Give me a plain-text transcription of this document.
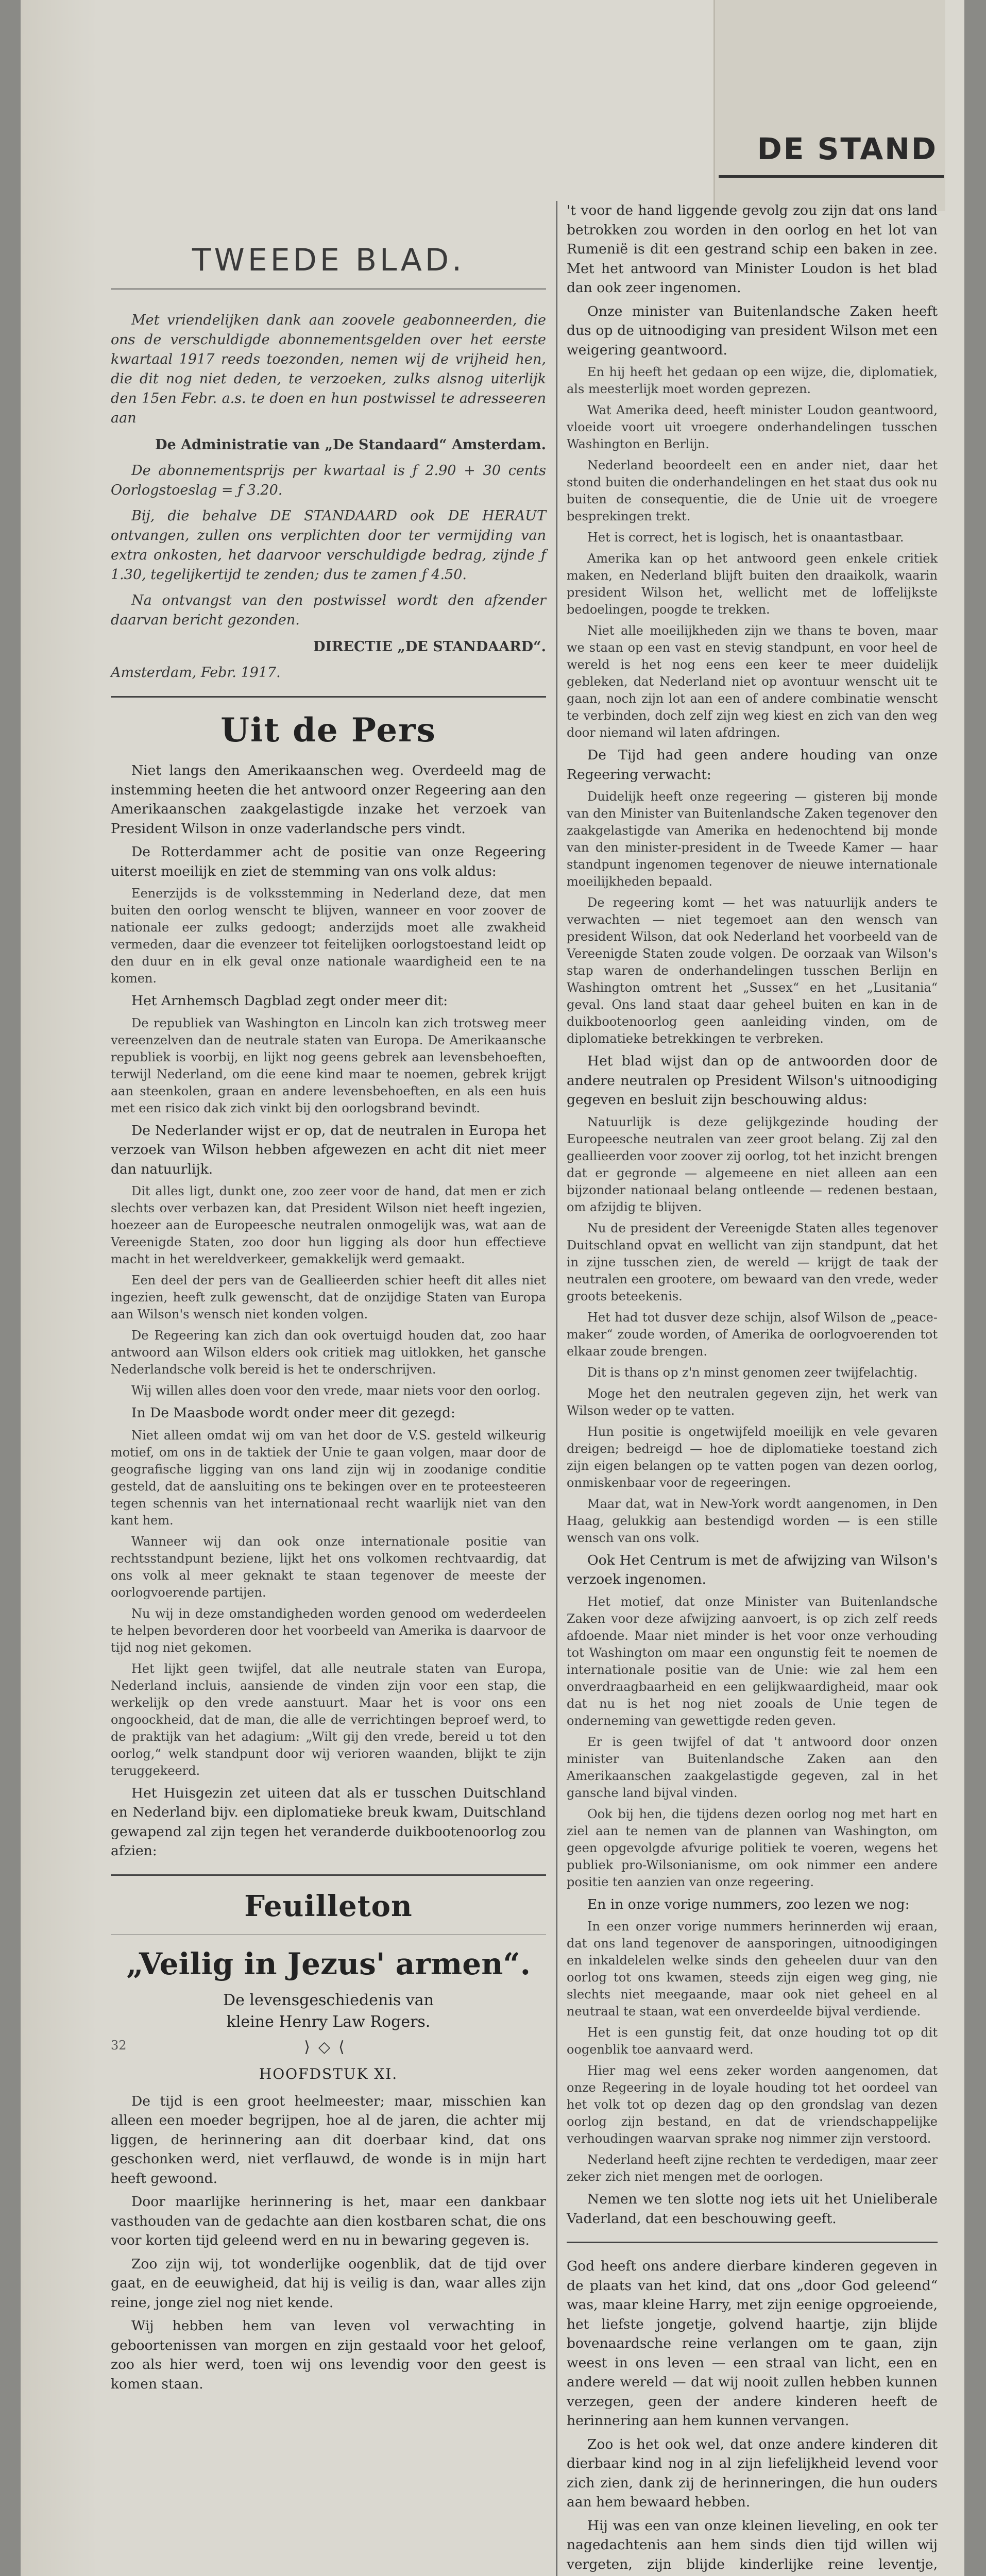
DE STAND
TWEEDE BLAD.

Met vriendelijken dank aan zoovele geabonneerden, die ons de verschuldigde abonnementsgelden over het eerste kwartaal 1917 reeds toezonden, nemen wij de vrijheid hen, die dit nog niet deden, te verzoeken, zulks alsnog uiterlijk den 15en Febr. a.s. te doen en hun postwissel te adresseeren aan

De Administratie van „De Standaard“ Amsterdam.

De abonnementsprijs per kwartaal is ƒ 2.90 + 30 cents Oorlogstoeslag = ƒ 3.20.

Bij, die behalve DE STANDAARD ook DE HERAUT ontvangen, zullen ons verplichten door ter vermijding van extra onkosten, het daarvoor verschuldigde bedrag, zijnde ƒ 1.30, tegelijkertijd te zenden; dus te zamen ƒ 4.50.

Na ontvangst van den postwissel wordt den afzender daarvan bericht gezonden.

DIRECTIE „DE STANDAARD“.

Amsterdam, Febr. 1917.

Uit de Pers

Niet langs den Amerikaanschen weg. Overdeeld mag de instemming heeten die het antwoord onzer Regeering aan den Amerikaanschen zaakgelastigde inzake het verzoek van President Wilson in onze vaderlandsche pers vindt.

De Rotterdammer acht de positie van onze Regeering uiterst moeilijk en ziet de stemming van ons volk aldus:

Eenerzijds is de volksstemming in Nederland deze, dat men buiten den oorlog wenscht te blijven, wanneer en voor zoover de nationale eer zulks gedoogt; anderzijds moet alle zwakheid vermeden, daar die evenzeer tot feitelijken oorlogstoestand leidt op den duur en in elk geval onze nationale waardigheid een te na komen.

Het Arnhemsch Dagblad zegt onder meer dit:

De republiek van Washington en Lincoln kan zich trotsweg meer vereenzelven dan de neutrale staten van Europa. De Amerikaansche republiek is voorbij, en lijkt nog geens gebrek aan levensbehoeften, terwijl Nederland, om die eene kind maar te noemen, gebrek krijgt aan steenkolen, graan en andere levensbehoeften, en als een huis met een risico dak zich vinkt bij den oorlogsbrand bevindt.

De Nederlander wijst er op, dat de neutralen in Europa het verzoek van Wilson hebben afgewezen en acht dit niet meer dan natuurlijk.

Dit alles ligt, dunkt one, zoo zeer voor de hand, dat men er zich slechts over verbazen kan, dat President Wilson niet heeft ingezien, hoezeer aan de Europeesche neutralen onmogelijk was, wat aan de Vereenigde Staten, zoo door hun ligging als door hun effectieve macht in het wereldverkeer, gemakkelijk werd gemaakt.

Een deel der pers van de Geallieerden schier heeft dit alles niet ingezien, heeft zulk gewenscht, dat de onzijdige Staten van Europa aan Wilson's wensch niet konden volgen.

De Regeering kan zich dan ook overtuigd houden dat, zoo haar antwoord aan Wilson elders ook critiek mag uitlokken, het gansche Nederlandsche volk bereid is het te onderschrijven.

Wij willen alles doen voor den vrede, maar niets voor den oorlog.

In De Maasbode wordt onder meer dit gezegd:

Niet alleen omdat wij om van het door de V.S. gesteld wilkeurig motief, om ons in de taktiek der Unie te gaan volgen, maar door de geografische ligging van ons land zijn wij in zoodanige conditie gesteld, dat de aansluiting ons te bekingen over en te proteesteeren tegen schennis van het internationaal recht waarlijk niet van den kant hem.

Wanneer wij dan ook onze internationale positie van rechtsstandpunt beziene, lijkt het ons volkomen rechtvaardig, dat ons volk al meer geknakt te staan tegenover de meeste der oorlogvoerende partijen.

Nu wij in deze omstandigheden worden genood om wederdeelen te helpen bevorderen door het voorbeeld van Amerika is daarvoor de tijd nog niet gekomen.

Het lijkt geen twijfel, dat alle neutrale staten van Europa, Nederland incluis, aansiende de vinden zijn voor een stap, die werkelijk op den vrede aanstuurt. Maar het is voor ons een ongoockheid, dat de man, die alle de verrichtingen beproef werd, to de praktijk van het adagium: „Wilt gij den vrede, bereid u tot den oorlog,“ welk standpunt door wij verioren waanden, blijkt te zijn teruggekeerd.

Het Huisgezin zet uiteen dat als er tusschen Duitschland en Nederland bijv. een diplomatieke breuk kwam, Duitschland gewapend zal zijn tegen het veranderde duikbootenoorlog zou afzien:

Feuilleton
„Veilig in Jezus' armen“.
De levensgeschiedenis van
kleine Henry Law Rogers.
32	⟩◇⟨
HOOFDSTUK XI.

De tijd is een groot heelmeester; maar, misschien kan alleen een moeder begrijpen, hoe al de jaren, die achter mij liggen, de herinnering aan dit doerbaar kind, dat ons geschonken werd, niet verflauwd, de wonde is in mijn hart heeft gewoond.

Door maarlijke herinnering is het, maar een dankbaar vasthouden van de gedachte aan dien kostbaren schat, die ons voor korten tijd geleend werd en nu in bewaring gegeven is.

Zoo zijn wij, tot wonderlijke oogenblik, dat de tijd over gaat, en de eeuwigheid, dat hij is veilig is dan, waar alles zijn reine, jonge ziel nog niet kende.

Wij hebben hem van leven vol verwachting in geboortenissen van morgen en zijn gestaald voor het geloof, zoo als hier werd, toen wij ons levendig voor den geest is komen staan.

't voor de hand liggende gevolg zou zijn dat ons land betrokken zou worden in den oorlog en het lot van Rumenië is dit een gestrand schip een baken in zee. Met het antwoord van Minister Loudon is het blad dan ook zeer ingenomen.

Onze minister van Buitenlandsche Zaken heeft dus op de uitnoodiging van president Wilson met een weigering geantwoord.

En hij heeft het gedaan op een wijze, die, diplomatiek, als meesterlijk moet worden geprezen.

Wat Amerika deed, heeft minister Loudon geantwoord, vloeide voort uit vroegere onderhandelingen tusschen Washington en Berlijn.

Nederland beoordeelt een en ander niet, daar het stond buiten die onderhandelingen en het staat dus ook nu buiten de consequentie, die de Unie uit de vroegere besprekingen trekt.

Het is correct, het is logisch, het is onaantastbaar.

Amerika kan op het antwoord geen enkele critiek maken, en Nederland blijft buiten den draaikolk, waarin president Wilson het, wellicht met de loffelijkste bedoelingen, poogde te trekken.

Niet alle moeilijkheden zijn we thans te boven, maar we staan op een vast en stevig standpunt, en voor heel de wereld is het nog eens een keer te meer duidelijk gebleken, dat Nederland niet op avontuur wenscht uit te gaan, noch zijn lot aan een of andere combinatie wenscht te verbinden, doch zelf zijn weg kiest en zich van den weg door niemand wil laten afdringen.

De Tijd had geen andere houding van onze Regeering verwacht:

Duidelijk heeft onze regeering — gisteren bij monde van den Minister van Buitenlandsche Zaken tegenover den zaakgelastigde van Amerika en hedenochtend bij monde van den minister-president in de Tweede Kamer — haar standpunt ingenomen tegenover de nieuwe internationale moeilijkheden bepaald.

De regeering komt — het was natuurlijk anders te verwachten — niet tegemoet aan den wensch van president Wilson, dat ook Nederland het voorbeeld van de Vereenigde Staten zoude volgen. De oorzaak van Wilson's stap waren de onderhandelingen tusschen Berlijn en Washington omtrent het „Sussex“ en het „Lusitania“ geval. Ons land staat daar geheel buiten en kan in de duikbootenoorlog geen aanleiding vinden, om de diplomatieke betrekkingen te verbreken.

Het blad wijst dan op de antwoorden door de andere neutralen op President Wilson's uitnoodiging gegeven en besluit zijn beschouwing aldus:

Natuurlijk is deze gelijkgezinde houding der Europeesche neutralen van zeer groot belang. Zij zal den geallieerden voor zoover zij oorlog, tot het inzicht brengen dat er gegronde — algemeene en niet alleen aan een bijzonder nationaal belang ontleende — redenen bestaan, om afzijdig te blijven.

Nu de president der Vereenigde Staten alles tegenover Duitschland opvat en wellicht van zijn standpunt, dat het in zijne tusschen zien, de wereld — krijgt de taak der neutralen een grootere, om bewaard van den vrede, weder groots beteekenis.

Het had tot dusver deze schijn, alsof Wilson de „peace-maker“ zoude worden, of Amerika de oorlogvoerenden tot elkaar zoude brengen.

Dit is thans op z'n minst genomen zeer twijfelachtig.

Moge het den neutralen gegeven zijn, het werk van Wilson weder op te vatten.

Hun positie is ongetwijfeld moeilijk en vele gevaren dreigen; bedreigd — hoe de diplomatieke toestand zich zijn eigen belangen op te vatten pogen van dezen oorlog, onmiskenbaar voor de regeeringen.

Maar dat, wat in New-York wordt aangenomen, in Den Haag, gelukkig aan bestendigd worden — is een stille wensch van ons volk.

Ook Het Centrum is met de afwijzing van Wilson's verzoek ingenomen.

Het motief, dat onze Minister van Buitenlandsche Zaken voor deze afwijzing aanvoert, is op zich zelf reeds afdoende. Maar niet minder is het voor onze verhouding tot Washington om maar een ongunstig feit te noemen de internationale positie van de Unie: wie zal hem een onverdraagbaarheid en een gelijkwaardigheid, maar ook dat nu is het nog niet zooals de Unie tegen de onderneming van gewettigde reden geven.

Er is geen twijfel of dat 't antwoord door onzen minister van Buitenlandsche Zaken aan den Amerikaanschen zaakgelastigde gegeven, zal in het gansche land bijval vinden.

Ook bij hen, die tijdens dezen oorlog nog met hart en ziel aan te nemen van de plannen van Washington, om geen opgevolgde afvurige politiek te voeren, wegens het publiek pro-Wilsonianisme, om ook nimmer een andere positie ten aanzien van onze regeering.

En in onze vorige nummers, zoo lezen we nog:

In een onzer vorige nummers herinnerden wij eraan, dat ons land tegenover de aansporingen, uitnoodigingen en inkaldelelen welke sinds den geheelen duur van den oorlog tot ons kwamen, steeds zijn eigen weg ging, nie slechts niet meegaande, maar ook niet geheel en al neutraal te staan, wat een onverdeelde bijval verdiende.

Het is een gunstig feit, dat onze houding tot op dit oogenblik toe aanvaard werd.

Hier mag wel eens zeker worden aangenomen, dat onze Regeering in de loyale houding tot het oordeel van het volk tot op dezen dag op den grondslag van dezen oorlog zijn bestand, en dat de vriendschappelijke verhoudingen waarvan sprake nog nimmer zijn verstoord.

Nederland heeft zijne rechten te verdedigen, maar zeer zeker zich niet mengen met de oorlogen.

Nemen we ten slotte nog iets uit het Unieliberale Vaderland, dat een beschouwing geeft.

God heeft ons andere dierbare kinderen gegeven in de plaats van het kind, dat ons „door God geleend“ was, maar kleine Harry, met zijn eenige opgroeiende, het liefste jongetje, golvend haartje, zijn blijde bovenaardsche reine verlangen om te gaan, zijn weest in ons leven — een straal van licht, een en andere wereld — dat wij nooit zullen hebben kunnen verzegen, geen der andere kinderen heeft de herinnering aan hem kunnen vervangen.

Zoo is het ook wel, dat onze andere kinderen dit dierbaar kind nog in al zijn liefelijkheid levend voor zich zien, dank zij de herinneringen, die hun ouders aan hem bewaard hebben.

Hij was een van onze kleinen lieveling, en ook ter nagedachtenis aan hem sinds dien tijd willen wij vergeten, zijn blijde kinderlijke reine leventje,
